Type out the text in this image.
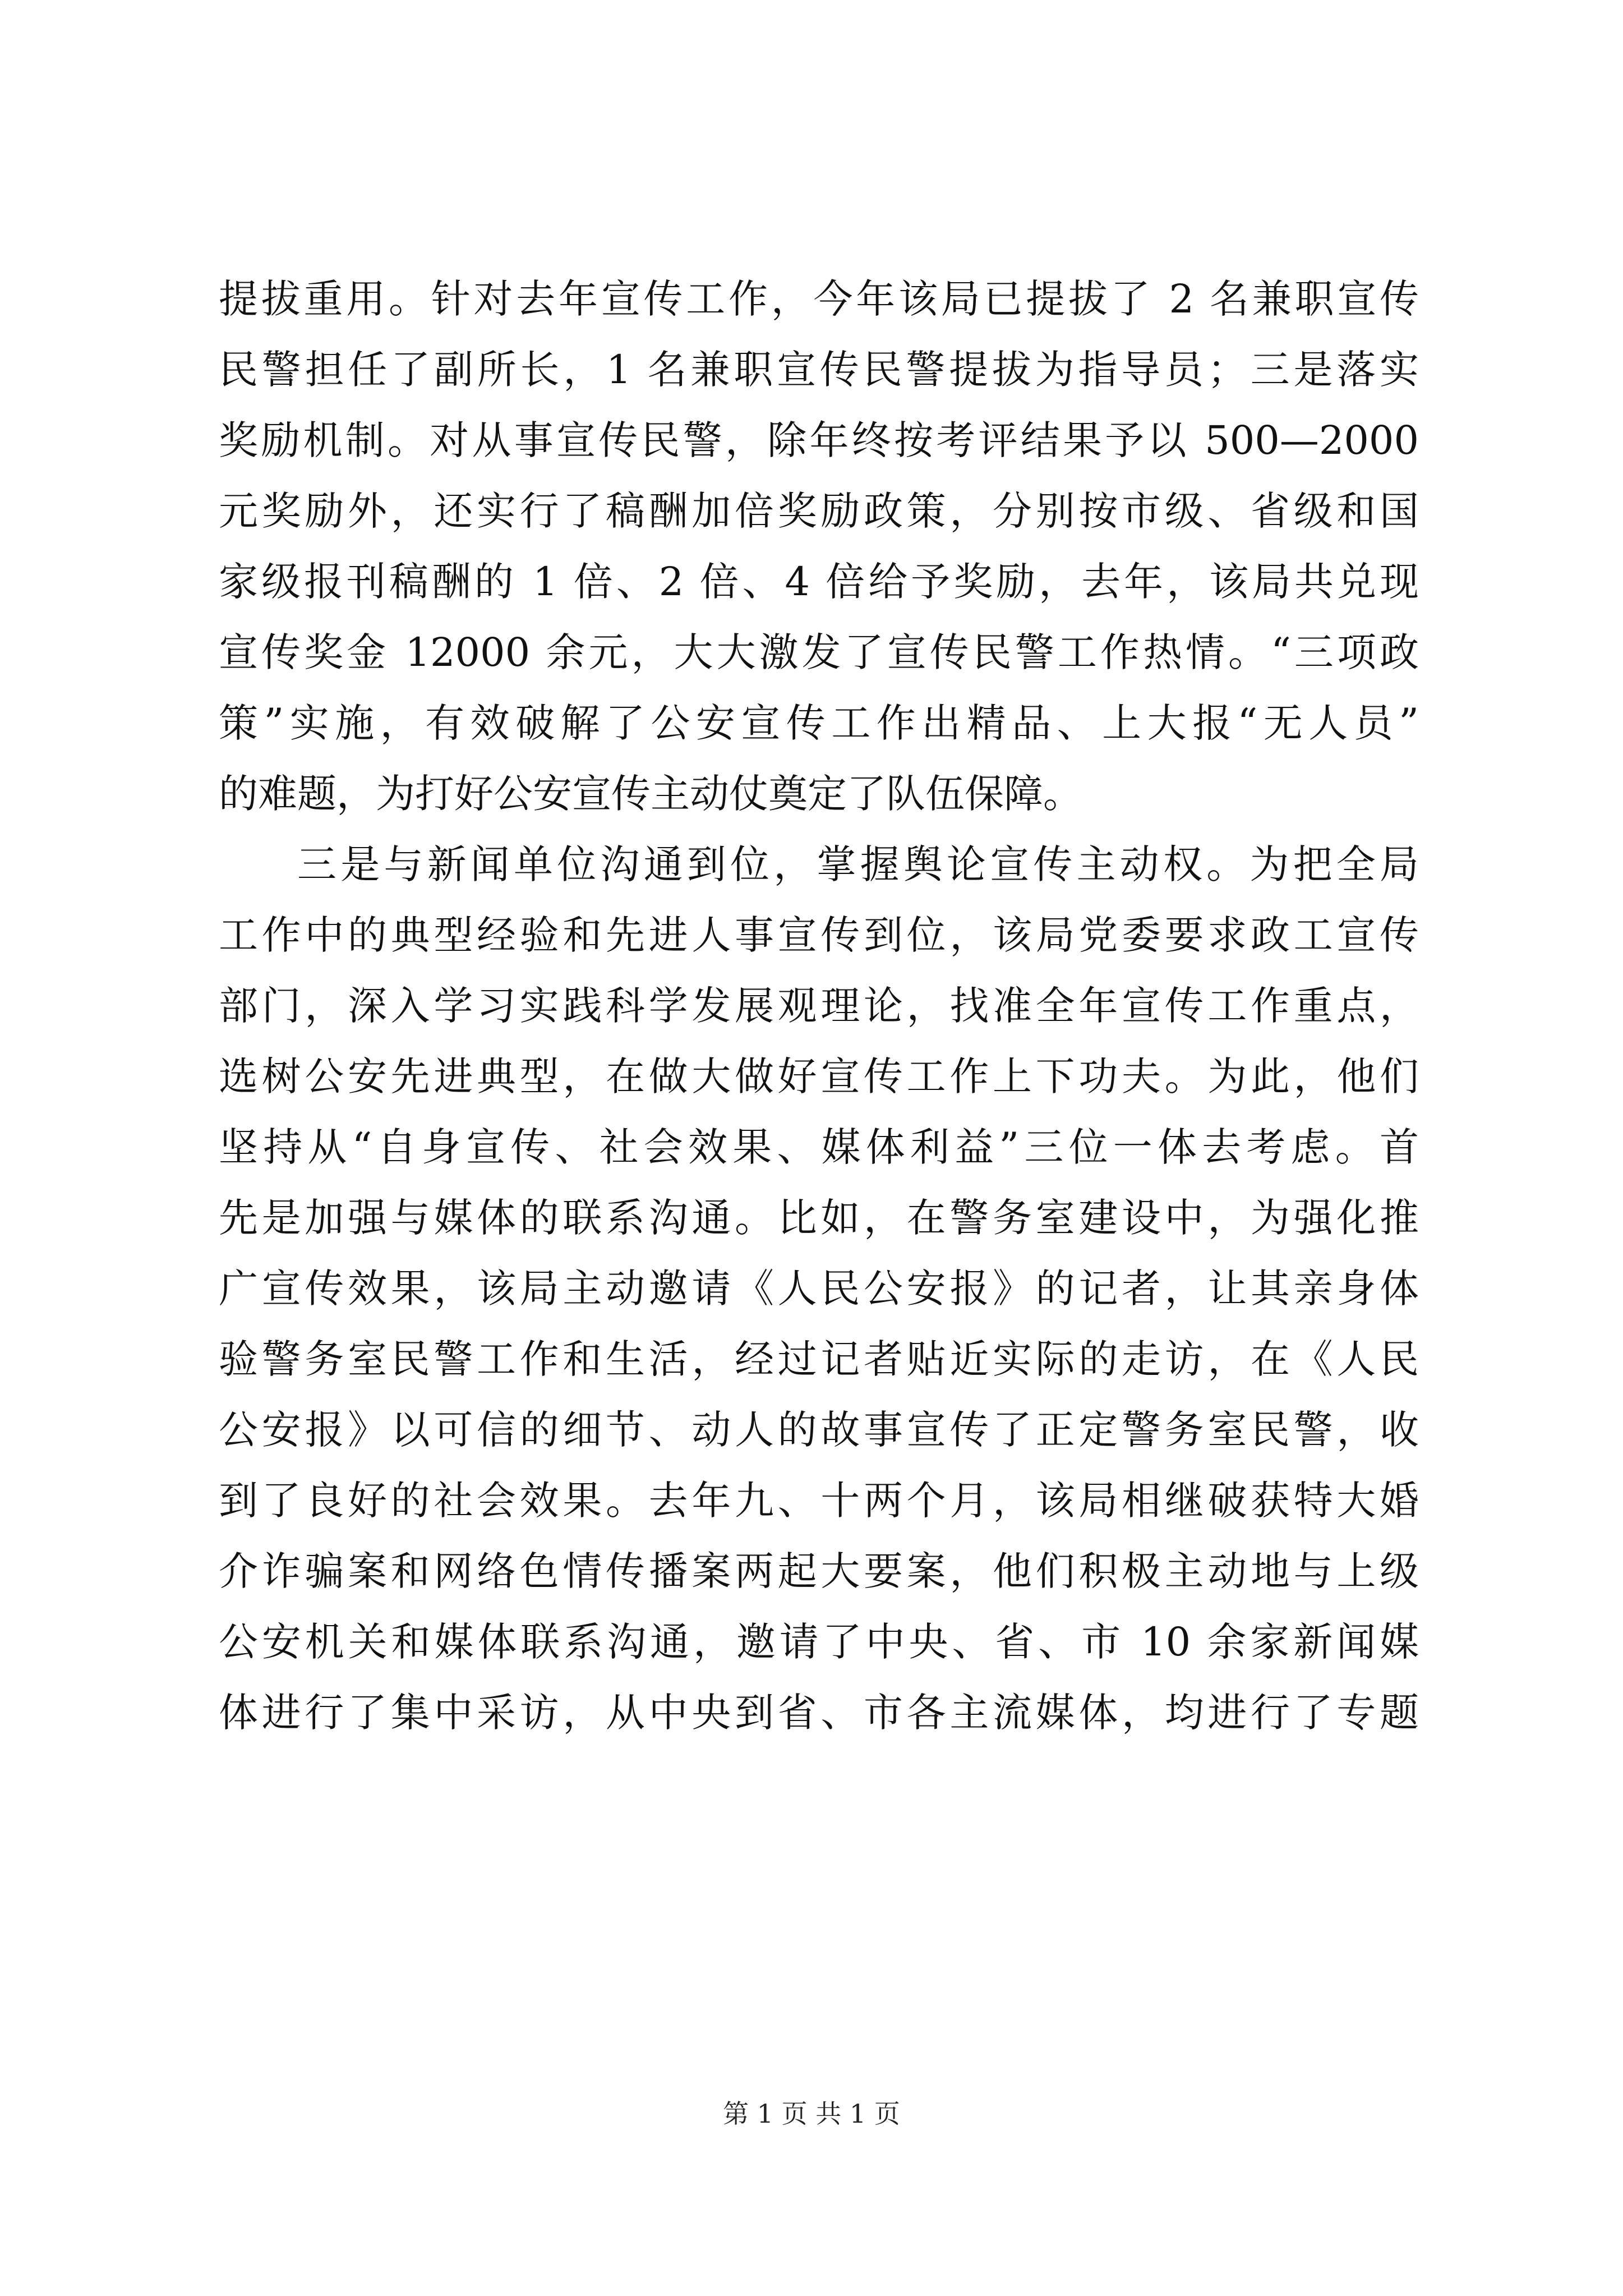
提拔重用。针对去年宣传工作，今年该局已提拔了 2 名兼职宣传
民警担任了副所长，1 名兼职宣传民警提拔为指导员；三是落实
奖励机制。对从事宣传民警，除年终按考评结果予以 500—2000
元奖励外，还实行了稿酬加倍奖励政策，分别按市级、省级和国
家级报刊稿酬的 1 倍、2 倍、4 倍给予奖励，去年，该局共兑现
宣传奖金 12000 余元，大大激发了宣传民警工作热情。“三项政
策”实施，有效破解了公安宣传工作出精品、上大报“无人员”
的难题，为打好公安宣传主动仗奠定了队伍保障。
三是与新闻单位沟通到位，掌握舆论宣传主动权。为把全局
工作中的典型经验和先进人事宣传到位，该局党委要求政工宣传
部门，深入学习实践科学发展观理论，找准全年宣传工作重点，
选树公安先进典型，在做大做好宣传工作上下功夫。为此，他们
坚持从“自身宣传、社会效果、媒体利益”三位一体去考虑。首
先是加强与媒体的联系沟通。比如，在警务室建设中，为强化推
广宣传效果，该局主动邀请《人民公安报》的记者，让其亲身体
验警务室民警工作和生活，经过记者贴近实际的走访，在《人民
公安报》以可信的细节、动人的故事宣传了正定警务室民警，收
到了良好的社会效果。去年九、十两个月，该局相继破获特大婚
介诈骗案和网络色情传播案两起大要案，他们积极主动地与上级
公安机关和媒体联系沟通，邀请了中央、省、市 10 余家新闻媒
体进行了集中采访，从中央到省、市各主流媒体，均进行了专题
第 1 页 共 1 页
